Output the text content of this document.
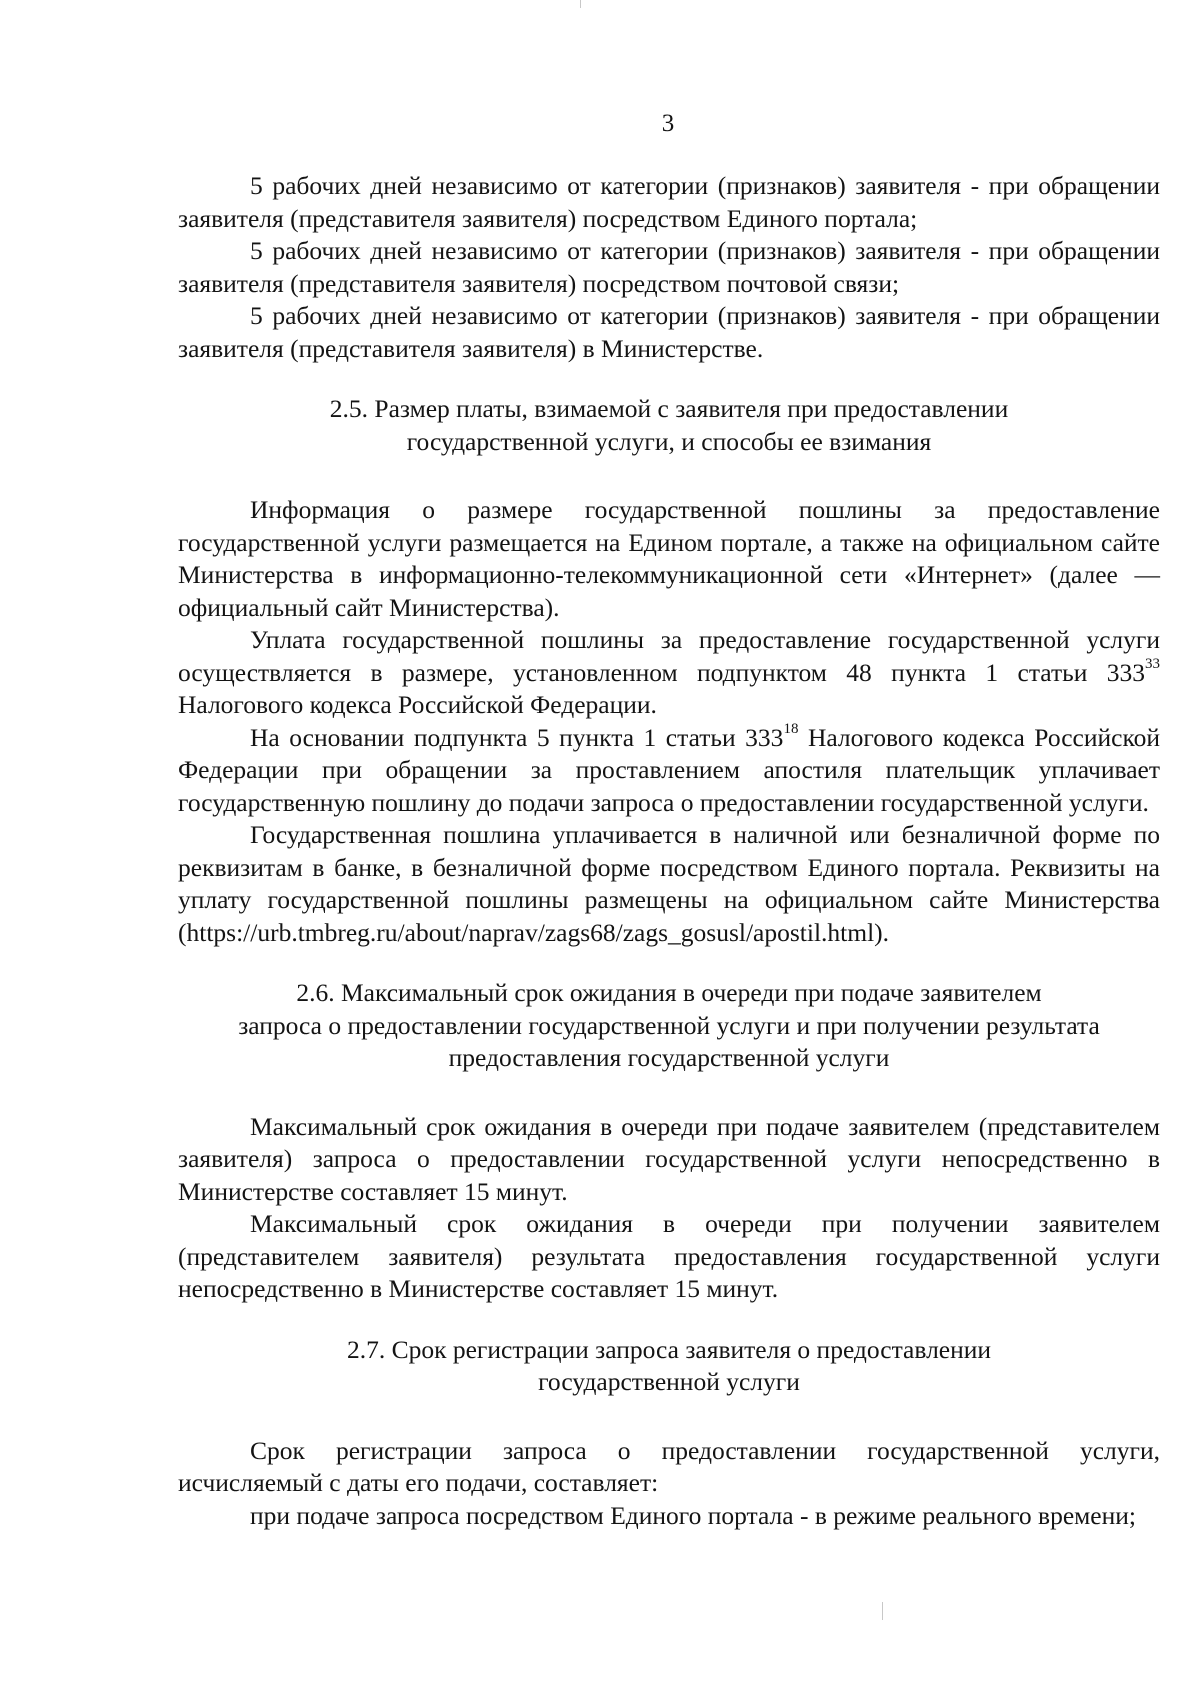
3

5 рабочих дней независимо от категории (признаков) заявителя - при обращении заявителя (представителя заявителя) посредством Единого портала;

5 рабочих дней независимо от категории (признаков) заявителя - при обращении заявителя (представителя заявителя) посредством почтовой связи;

5 рабочих дней независимо от категории (признаков) заявителя - при обращении заявителя (представителя заявителя) в Министерстве.

2.5. Размер платы, взимаемой с заявителя при предоставлении
государственной услуги, и способы ее взимания

Информация о размере государственной пошлины за предоставление государственной услуги размещается на Едином портале, а также на официальном сайте Министерства в информационно-телекоммуникационной сети «Интернет» (далее — официальный сайт Министерства).

Уплата государственной пошлины за предоставление государственной услуги осуществляется в размере, установленном подпунктом 48 пункта 1 статьи $333^{33}$ Налогового кодекса Российской Федерации.

На основании подпункта 5 пункта 1 статьи $333^{18}$ Налогового кодекса Российской Федерации при обращении за проставлением апостиля плательщик уплачивает государственную пошлину до подачи запроса о предоставлении государственной услуги.

Государственная пошлина уплачивается в наличной или безналичной форме по реквизитам в банке, в безналичной форме посредством Единого портала. Реквизиты на уплату государственной пошлины размещены на официальном сайте Министерства

(https://urb.tmbreg.ru/about/naprav/zags68/zags_gosusl/apostil.html).

2.6. Максимальный срок ожидания в очереди при подаче заявителем
запроса о предоставлении государственной услуги и при получении результата
предоставления государственной услуги

Максимальный срок ожидания в очереди при подаче заявителем (представителем заявителя) запроса о предоставлении государственной услуги непосредственно в Министерстве составляет 15 минут.

Максимальный срок ожидания в очереди при получении заявителем (представителем заявителя) результата предоставления государственной услуги непосредственно в Министерстве составляет 15 минут.

2.7. Срок регистрации запроса заявителя о предоставлении
государственной услуги

Срок регистрации запроса о предоставлении государственной услуги, исчисляемый с даты его подачи, составляет:

при подаче запроса посредством Единого портала - в режиме реального времени;
